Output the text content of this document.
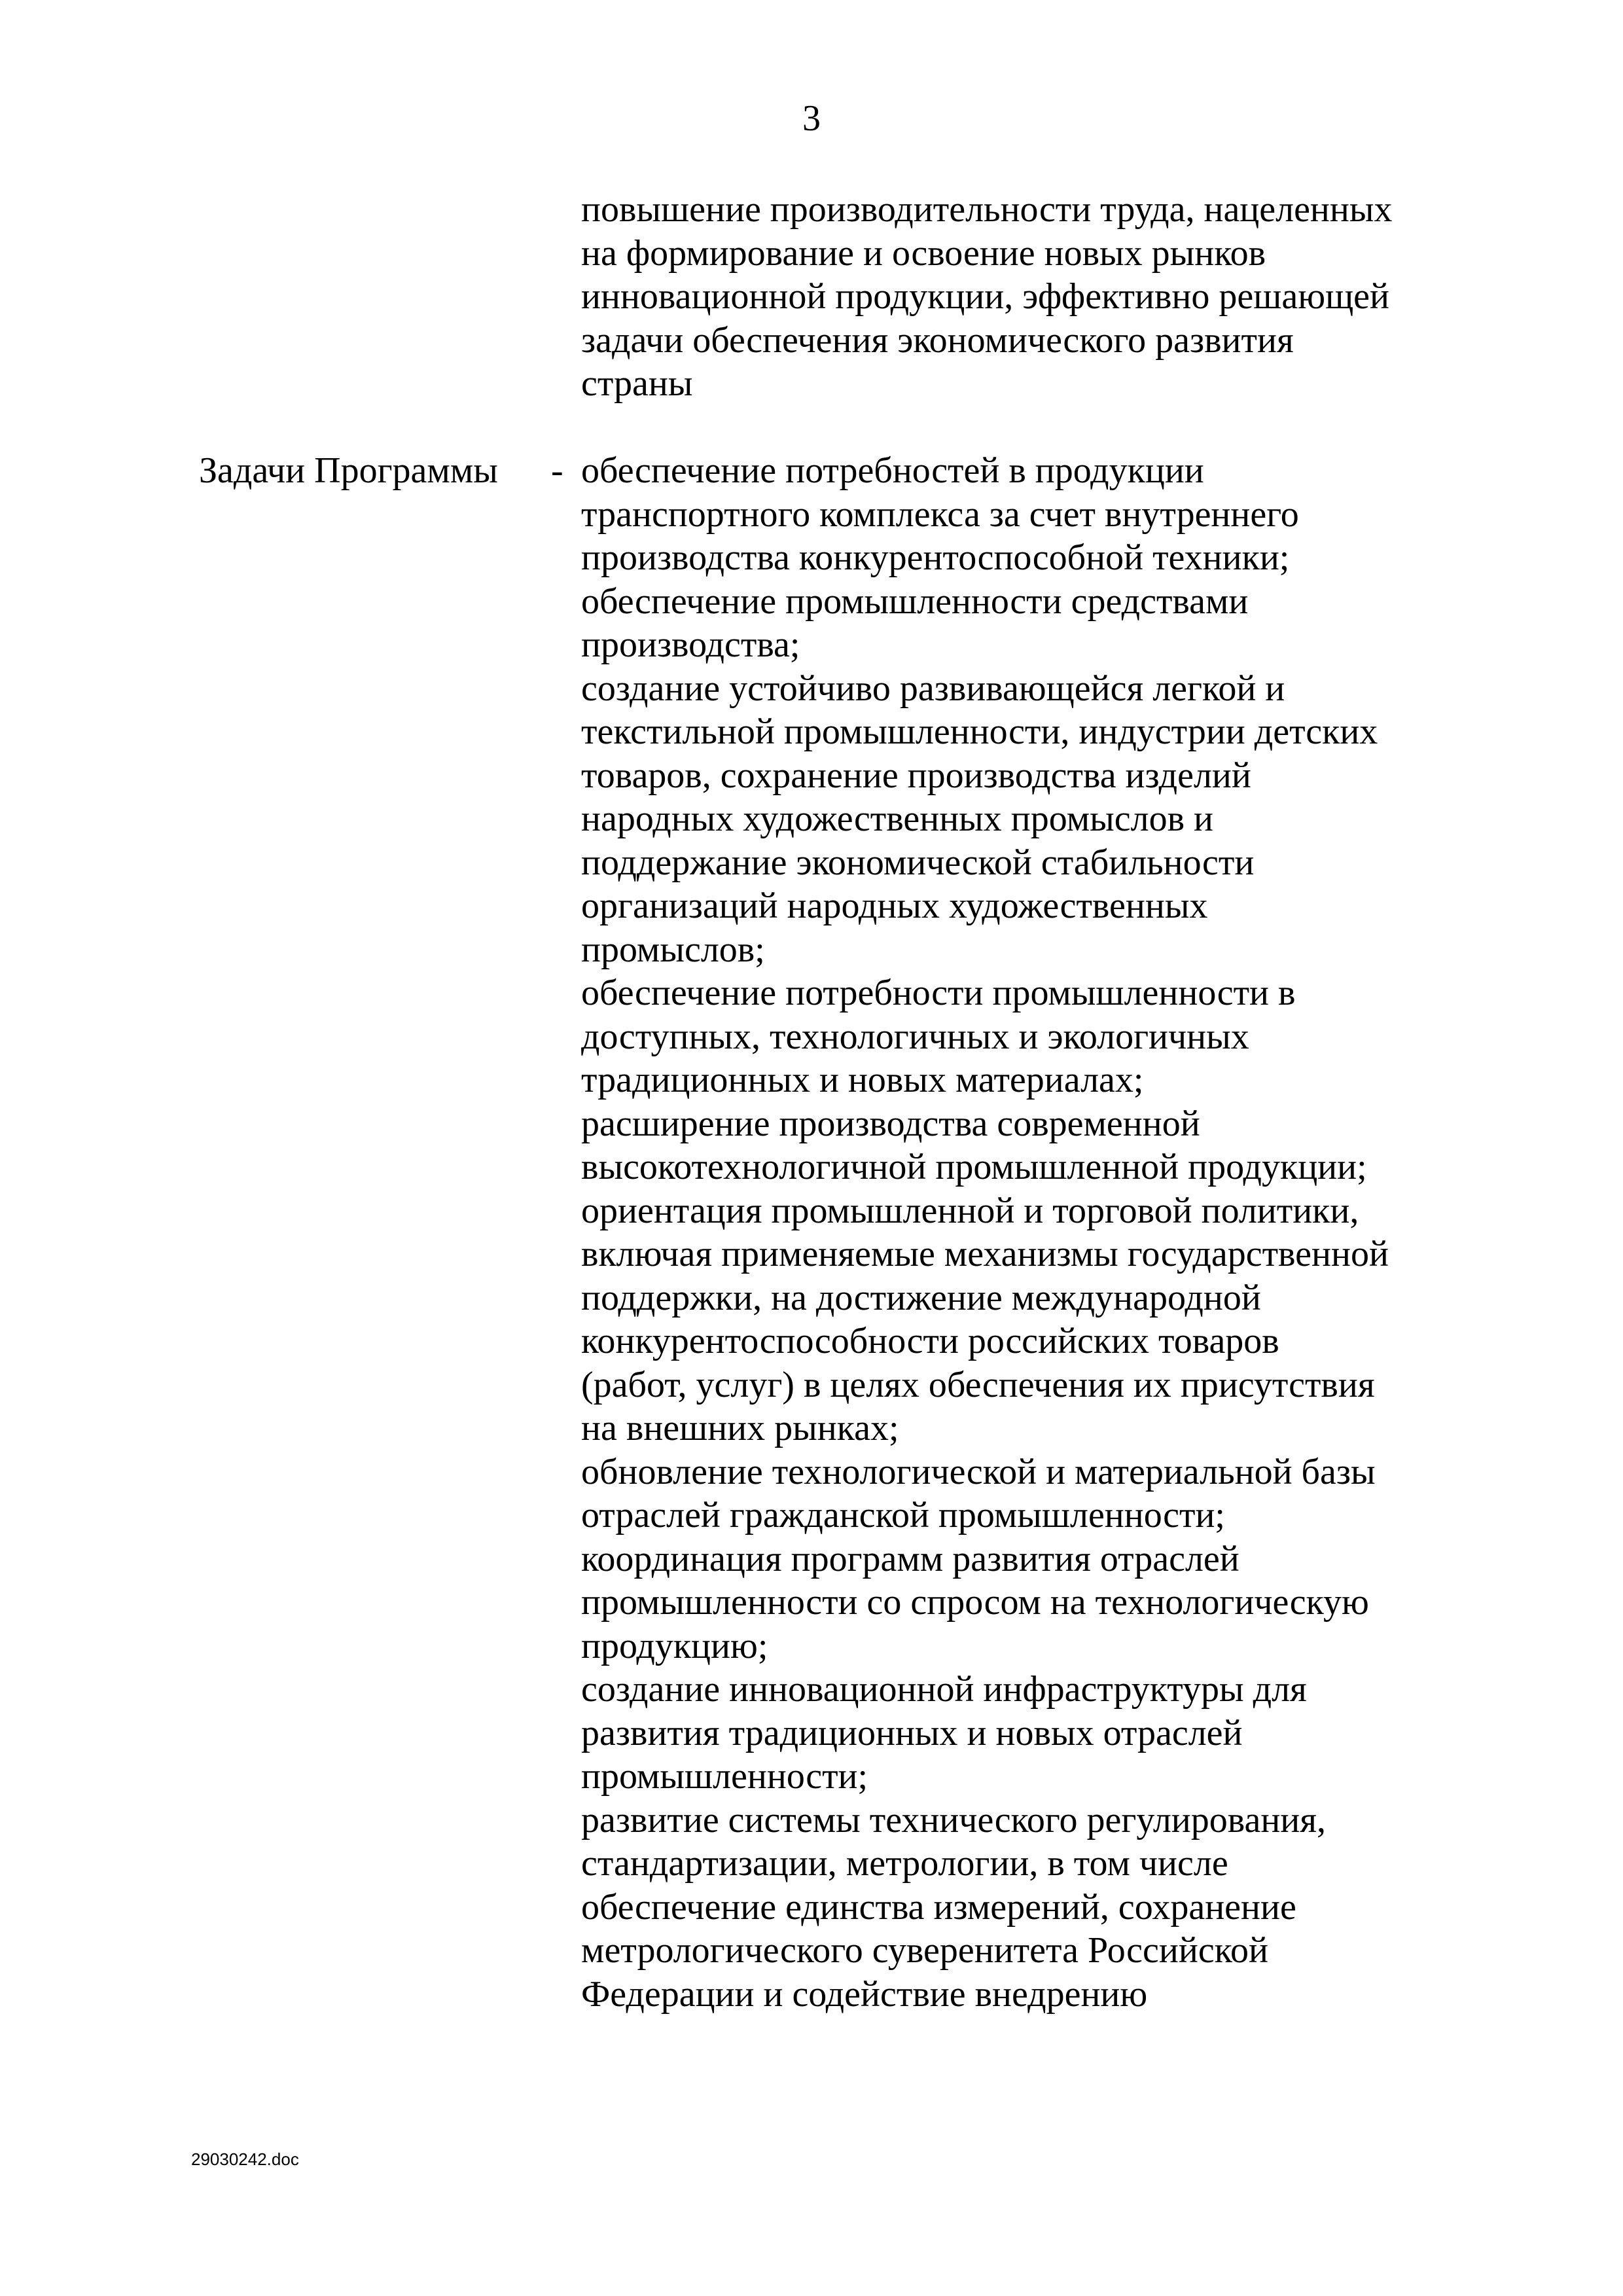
3
повышение производительности труда, нацеленных
на формирование и освоение новых рынков
инновационной продукции, эффективно решающей
задачи обеспечения экономического развития
страны
Задачи Программы - обеспечение потребностей в продукции
транспортного комплекса за счет внутреннего
производства конкурентоспособной техники;
обеспечение промышленности средствами
производства;
создание устойчиво развивающейся легкой и
текстильной промышленности, индустрии детских
товаров, сохранение производства изделий
народных художественных промыслов и
поддержание экономической стабильности
организаций народных художественных
промыслов;
обеспечение потребности промышленности в
доступных, технологичных и экологичных
традиционных и новых материалах;
расширение производства современной
высокотехнологичной промышленной продукции;
ориентация промышленной и торговой политики,
включая применяемые механизмы государственной
поддержки, на достижение международной
конкурентоспособности российских товаров
(работ, услуг) в целях обеспечения их присутствия
на внешних рынках;
обновление технологической и материальной базы
отраслей гражданской промышленности;
координация программ развития отраслей
промышленности со спросом на технологическую
продукцию;
создание инновационной инфраструктуры для
развития традиционных и новых отраслей
промышленности;
развитие системы технического регулирования,
стандартизации, метрологии, в том числе
обеспечение единства измерений, сохранение
метрологического суверенитета Российской
Федерации и содействие внедрению
29030242.doc
